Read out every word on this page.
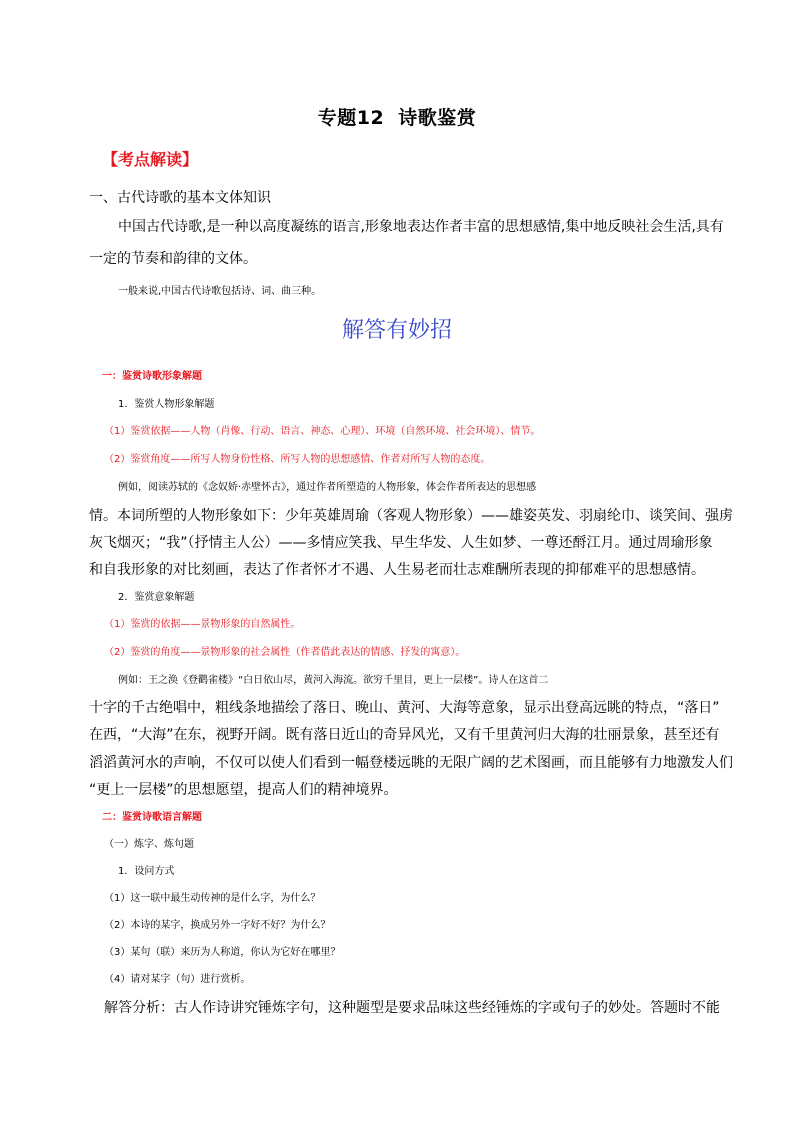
专题12 诗歌鉴赏
【考点解读】
一、古代诗歌的基本文体知识
中国古代诗歌,是一种以高度凝练的语言,形象地表达作者丰富的思想感情,集中地反映社会生活,具有
一定的节奏和韵律的文体。
一般来说,中国古代诗歌包括诗、词、曲三种。
解答有妙招
一：鉴赏诗歌形象解题
1．鉴赏人物形象解题
（1）鉴赏依据——人物（肖像、行动、语言、神态、心理）、环境（自然环境、社会环境）、情节。
（2）鉴赏角度——所写人物身份性格、所写人物的思想感情、作者对所写人物的态度。
例如，阅读苏轼的《念奴娇·赤壁怀古》，通过作者所塑造的人物形象，体会作者所表达的思想感
情。本词所塑的人物形象如下：少年英雄周瑜（客观人物形象）——雄姿英发、羽扇纶巾、谈笑间、强虏
灰飞烟灭；“我”（抒情主人公）——多情应笑我、早生华发、人生如梦、一尊还酹江月。通过周瑜形象
和自我形象的对比刻画，表达了作者怀才不遇、人生易老而壮志难酬所表现的抑郁难平的思想感情。
2．鉴赏意象解题
（1）鉴赏的依据——景物形象的自然属性。
（2）鉴赏的角度——景物形象的社会属性（作者借此表达的情感、抒发的寓意）。
例如：王之涣《登鹳雀楼》“白日依山尽，黄河入海流。欲穷千里目，更上一层楼”。诗人在这首二
十字的千古绝唱中，粗线条地描绘了落日、晚山、黄河、大海等意象，显示出登高远眺的特点，“落日”
在西，“大海”在东，视野开阔。既有落日近山的奇异风光，又有千里黄河归大海的壮丽景象，甚至还有
滔滔黄河水的声响，不仅可以使人们看到一幅登楼远眺的无限广阔的艺术图画，而且能够有力地激发人们
“更上一层楼”的思想愿望，提高人们的精神境界。
二：鉴赏诗歌语言解题
（一）炼字、炼句题
1．设问方式
（1）这一联中最生动传神的是什么字，为什么？
（2）本诗的某字，换成另外一字好不好？为什么？
（3）某句（联）来历为人称道，你认为它好在哪里？
（4）请对某字（句）进行赏析。
解答分析：古人作诗讲究锤炼字句，这种题型是要求品味这些经锤炼的字或句子的妙处。答题时不能
